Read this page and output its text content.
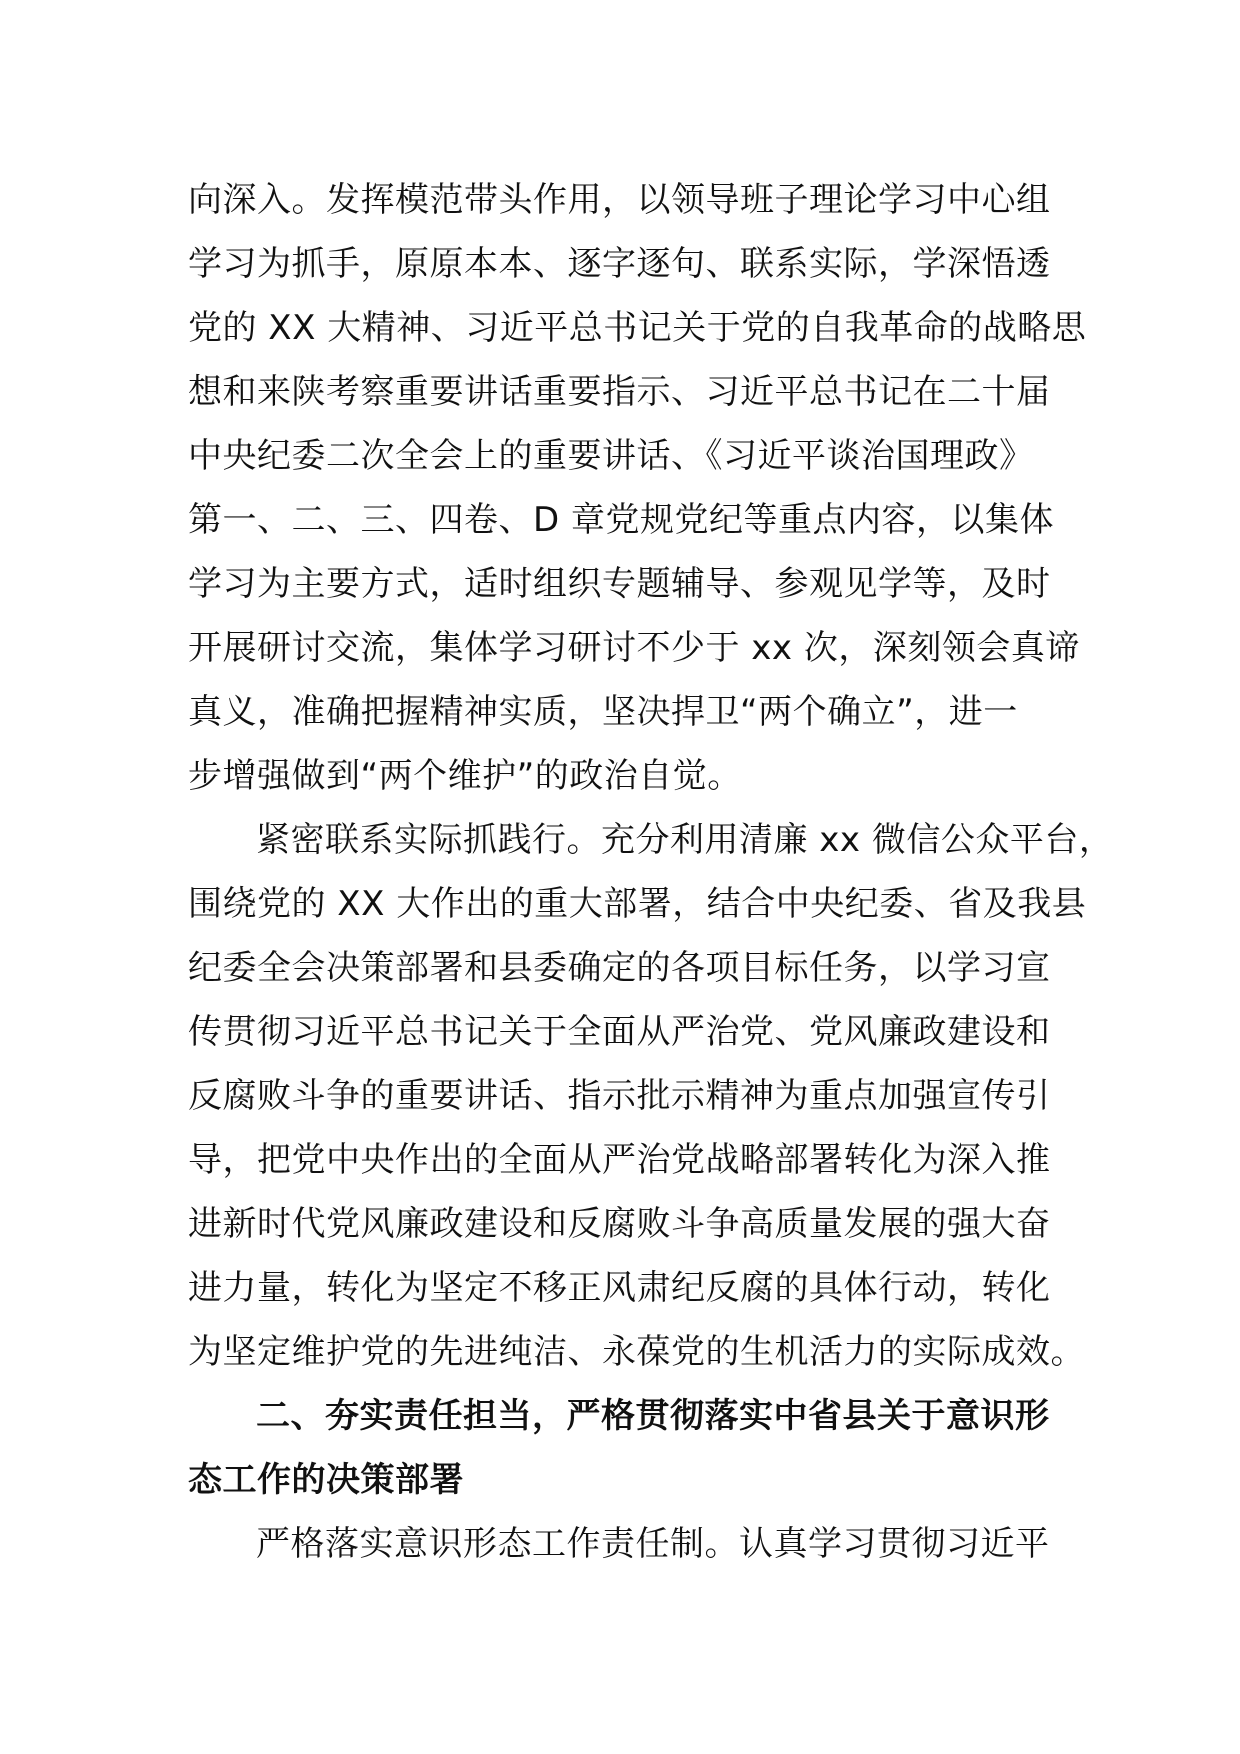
向深入。发挥模范带头作用，以领导班子理论学习中心组
学习为抓手，原原本本、逐字逐句、联系实际，学深悟透
党的 XX 大精神、习近平总书记关于党的自我革命的战略思
想和来陕考察重要讲话重要指示、习近平总书记在二十届
中央纪委二次全会上的重要讲话、《习近平谈治国理政》
第一、二、三、四卷、D 章党规党纪等重点内容，以集体
学习为主要方式，适时组织专题辅导、参观见学等，及时
开展研讨交流，集体学习研讨不少于 xx 次，深刻领会真谛
真义，准确把握精神实质，坚决捍卫“两个确立”，进一
步增强做到“两个维护”的政治自觉。
紧密联系实际抓践行。充分利用清廉 xx 微信公众平台，
围绕党的 XX 大作出的重大部署，结合中央纪委、省及我县
纪委全会决策部署和县委确定的各项目标任务，以学习宣
传贯彻习近平总书记关于全面从严治党、党风廉政建设和
反腐败斗争的重要讲话、指示批示精神为重点加强宣传引
导，把党中央作出的全面从严治党战略部署转化为深入推
进新时代党风廉政建设和反腐败斗争高质量发展的强大奋
进力量，转化为坚定不移正风肃纪反腐的具体行动，转化
为坚定维护党的先进纯洁、永葆党的生机活力的实际成效。
二、夯实责任担当，严格贯彻落实中省县关于意识形
态工作的决策部署
严格落实意识形态工作责任制。认真学习贯彻习近平
